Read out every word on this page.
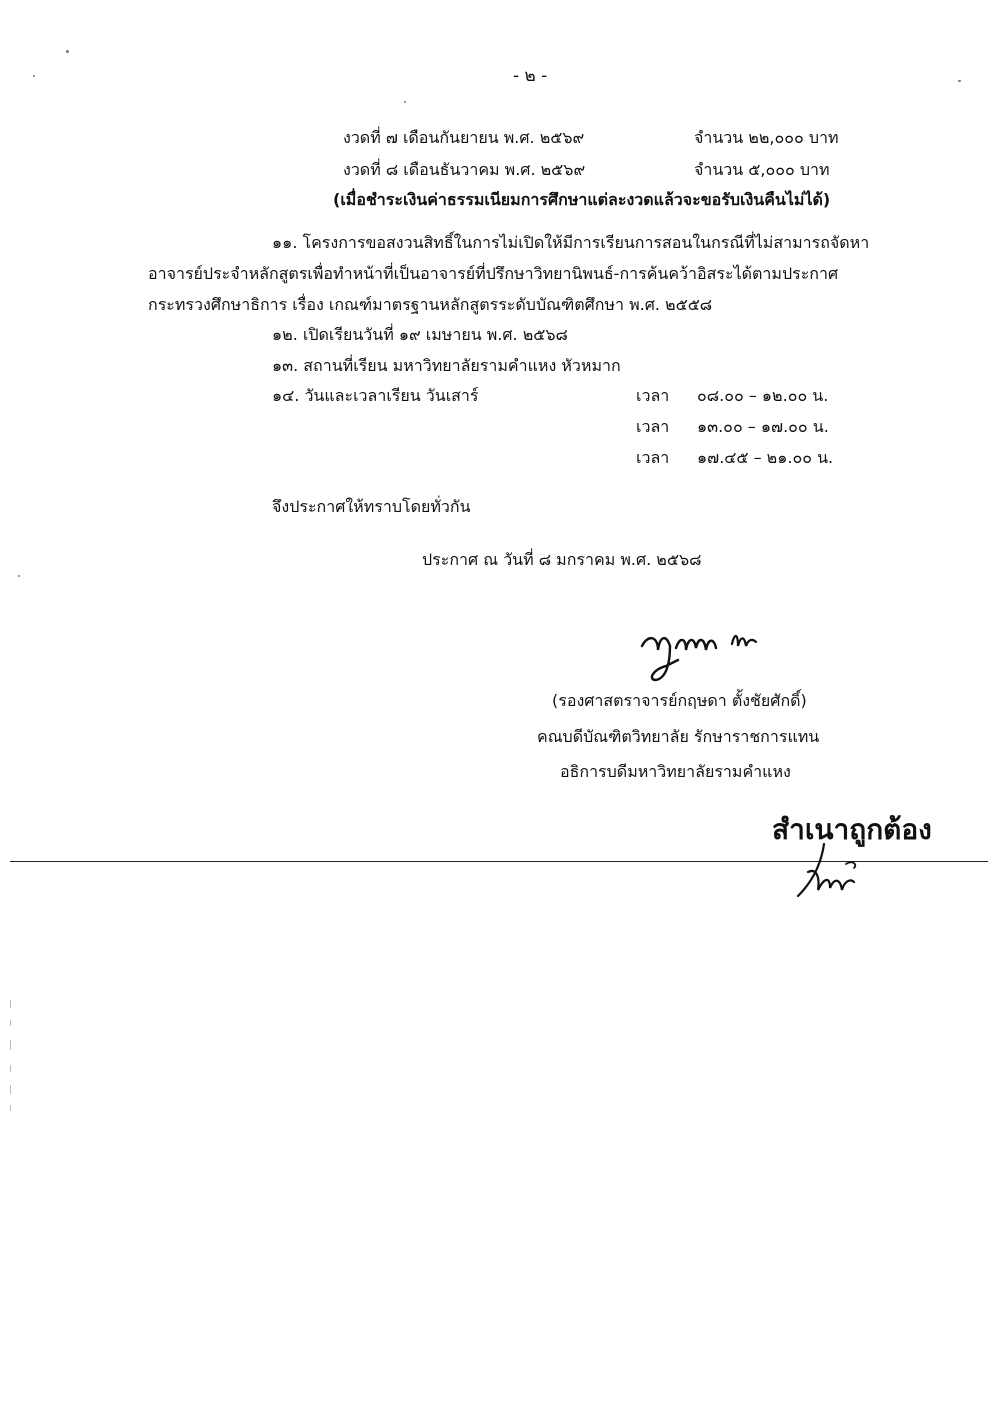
- ๒ -
งวดที่ ๗ เดือนกันยายน พ.ศ. ๒๕๖๙	จำนวน ๒๒,๐๐๐ บาท
งวดที่ ๘ เดือนธันวาคม พ.ศ. ๒๕๖๙	จำนวน ๕,๐๐๐ บาท
(เมื่อชำระเงินค่าธรรมเนียมการศึกษาแต่ละงวดแล้วจะขอรับเงินคืนไม่ได้)
๑๑. โครงการขอสงวนสิทธิ์ในการไม่เปิดให้มีการเรียนการสอนในกรณีที่ไม่สามารถจัดหา
อาจารย์ประจำหลักสูตรเพื่อทำหน้าที่เป็นอาจารย์ที่ปรึกษาวิทยานิพนธ์-การค้นคว้าอิสระได้ตามประกาศ
กระทรวงศึกษาธิการ เรื่อง เกณฑ์มาตรฐานหลักสูตรระดับบัณฑิตศึกษา พ.ศ. ๒๕๕๘
๑๒. เปิดเรียนวันที่ ๑๙ เมษายน พ.ศ. ๒๕๖๘
๑๓. สถานที่เรียน มหาวิทยาลัยรามคำแหง หัวหมาก
๑๔. วันและเวลาเรียน วันเสาร์	เวลา ๐๘.๐๐ – ๑๒.๐๐ น.
เวลา ๑๓.๐๐ – ๑๗.๐๐ น.
เวลา ๑๗.๔๕ – ๒๑.๐๐ น.
จึงประกาศให้ทราบโดยทั่วกัน
ประกาศ ณ วันที่ ๘ มกราคม พ.ศ. ๒๕๖๘
(รองศาสตราจารย์กฤษดา ตั้งชัยศักดิ์)
คณบดีบัณฑิตวิทยาลัย รักษาราชการแทน
อธิการบดีมหาวิทยาลัยรามคำแหง
สำเนาถูกต้อง
